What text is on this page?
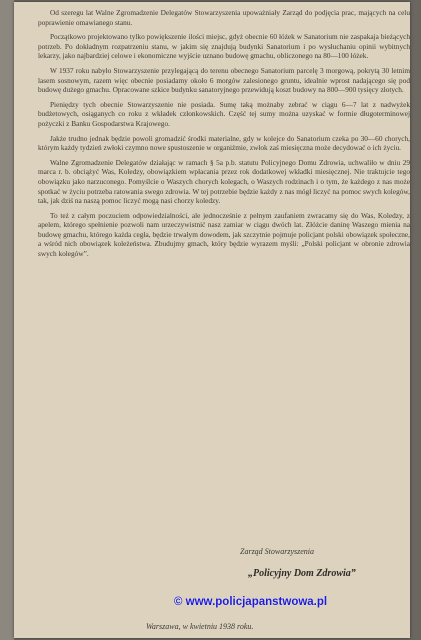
Od szeregu lat Walne Zgromadzenie Delegatów Stowarzyszenia upoważniały Zarząd do podjęcia prac, mających na celu poprawienie omawianego stanu.

Początkowo projektowano tylko powiększenie ilości miejsc, gdyż obecnie 60 łóżek w Sanatorium nie zaspakaja bieżących potrzeb. Po dokładnym rozpatrzeniu stanu, w jakim się znajdują budynki Sanatorium i po wysłuchaniu opinii wybitnych lekarzy, jako najbardziej celowe i ekonomiczne wyjście uznano budowę gmachu, obliczonego na 80—100 łóżek.

W 1937 roku nabyło Stowarzyszenie przylegającą do terenu obecnego Sanatorium parcelę 3 morgową, pokrytą 30 letnim lasem sosnowym, razem więc obecnie posiadamy około 6 morgów zalesionego gruntu, idealnie wprost nadającego się pod budowę dużego gmachu. Opracowane szkice budynku sanatoryjnego przewidują koszt budowy na 800—900 tysięcy złotych.

Pieniędzy tych obecnie Stowarzyszenie nie posiada. Sumę taką możnaby zebrać w ciągu 6—7 lat z nadwyżek budżetowych, osiąganych co roku z wkładek członkowskich. Część tej sumy można uzyskać w formie długoterminowej pożyczki z Banku Gospodarstwa Krajowego.

Jakże trudno jednak będzie powoli gromadzić środki materialne, gdy w kolejce do Sanatorium czeka po 30—60 chorych, którym każdy tydzień zwłoki czymno nowe spustoszenie w organiźmie, zwłok zaś miesięczna może decydować o ich życiu.

Walne Zgromadzenie Delegatów działając w ramach § 5a p.b. statutu Policyjnego Domu Zdrowia, uchwaliło w dniu 29 marca r. b. obciążyć Was, Koledzy, obowiązkiem wpłacania przez rok dodatkowej wkładki miesięcznej. Nie traktujcie tego obowiązku jako narzuconego. Pomyślcie o Waszych chorych kolegach, o Waszych rodzinach i o tym, że każdego z nas może spotkać w życiu potrzeba ratowania swego zdrowia. W tej potrzebie będzie każdy z nas mógł liczyć na pomoc swych kolegów, tak, jak dziś na naszą pomoc liczyć mogą nasi chorzy koledzy.

To też z całym poczuciem odpowiedzialności, ale jednocześnie z pełnym zaufaniem zwracamy się do Was, Koledzy, z apelem, którego spełnienie pozwoli nam urzeczywistnić nasz zamiar w ciągu dwóch lat. Złóżcie daninę Waszego mienia na budowę gmachu, którego każda cegła, będzie trwałym dowodem, jak szczytnie pojmuje policjant polski obowiązek społeczne, a wśród nich obowiązek koleżeństwa. Zbudujmy gmach, który będzie wyrazem myśli: „Polski policjant w obronie zdrowia swych kolegów”.

Zarząd Stowarzyszenia
„Policyjny Dom Zdrowia”
© www.policjapanstwowa.pl
Warszawa, w kwietniu 1938 roku.
